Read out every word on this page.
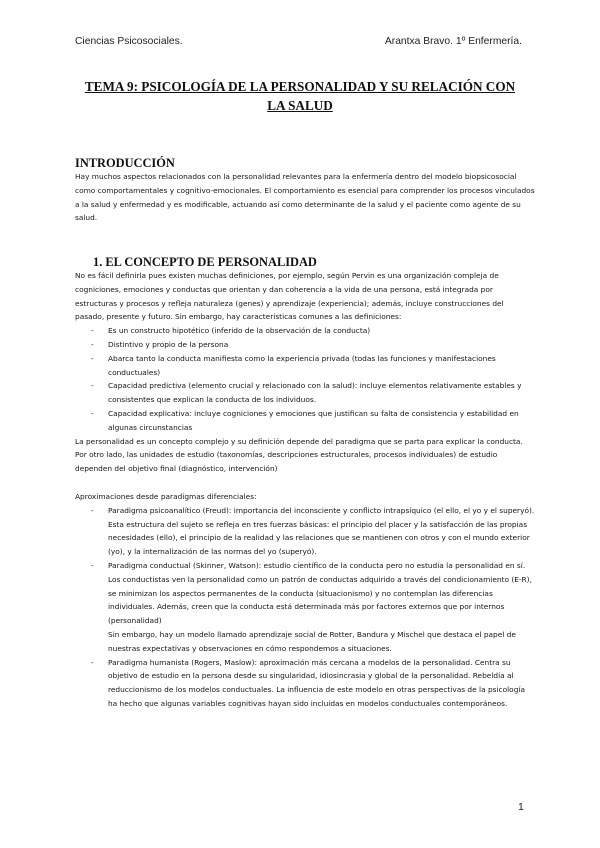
Ciencias Psicosociales.	Arantxa Bravo. 1º Enfermería.
TEMA 9: PSICOLOGÍA DE LA PERSONALIDAD Y SU RELACIÓN CON
LA SALUD
INTRODUCCIÓN
Hay muchos aspectos relacionados con la personalidad relevantes para la enfermería dentro del modelo biopsicosocial como comportamentales y cognitivo-emocionales. El comportamiento es esencial para comprender los procesos vinculados a la salud y enfermedad y es modificable, actuando así como determinante de la salud y el paciente como agente de su salud.
1. EL CONCEPTO DE PERSONALIDAD

No es fácil definirla pues existen muchas definiciones, por ejemplo, según Pervin es una organización compleja de cogniciones, emociones y conductas que orientan y dan coherencia a la vida de una persona, está integrada por estructuras y procesos y refleja naturaleza (genes) y aprendizaje (experiencia); además, incluye construcciones del pasado, presente y futuro. Sin embargo, hay características comunes a las definiciones:

- Es un constructo hipotético (inferido de la observación de la conducta)
- Distintivo y propio de la persona
- Abarca tanto la conducta manifiesta como la experiencia privada (todas las funciones y manifestaciones conductuales)
- Capacidad predictiva (elemento crucial y relacionado con la salud): incluye elementos relativamente estables y consistentes que explican la conducta de los individuos.
- Capacidad explicativa: incluye cogniciones y emociones que justifican su falta de consistencia y estabilidad en algunas circunstancias

La personalidad es un concepto complejo y su definición depende del paradigma que se parta para explicar la conducta. Por otro lado, las unidades de estudio (taxonomías, descripciones estructurales, procesos individuales) de estudio dependen del objetivo final (diagnóstico, intervención)

Aproximaciones desde paradigmas diferenciales:

- Paradigma psicoanalítico (Freud): importancia del inconsciente y conflicto intrapsíquico (el ello, el yo y el superyó). Esta estructura del sujeto se refleja en tres fuerzas básicas: el principio del placer y la satisfacción de las propias necesidades (ello), el principio de la realidad y las relaciones que se mantienen con otros y con el mundo exterior (yo), y la internalización de las normas del yo (superyó).
- Paradigma conductual (Skinner, Watson): estudio científico de la conducta pero no estudia la personalidad en sí. Los conductistas ven la personalidad como un patrón de conductas adquirido a través del condicionamiento (E-R), se minimizan los aspectos permanentes de la conducta (situacionismo) y no contemplan las diferencias individuales. Además, creen que la conducta está determinada más por factores externos que por internos (personalidad)
Sin embargo, hay un modelo llamado aprendizaje social de Rotter, Bandura y Mischel que destaca el papel de nuestras expectativas y observaciones en cómo respondemos a situaciones.
- Paradigma humanista (Rogers, Maslow): aproximación más cercana a modelos de la personalidad. Centra su objetivo de estudio en la persona desde su singularidad, idiosincrasia y global de la personalidad. Rebeldía al reduccionismo de los modelos conductuales. La influencia de este modelo en otras perspectivas de la psicología ha hecho que algunas variables cognitivas hayan sido incluidas en modelos conductuales contemporáneos.
1
